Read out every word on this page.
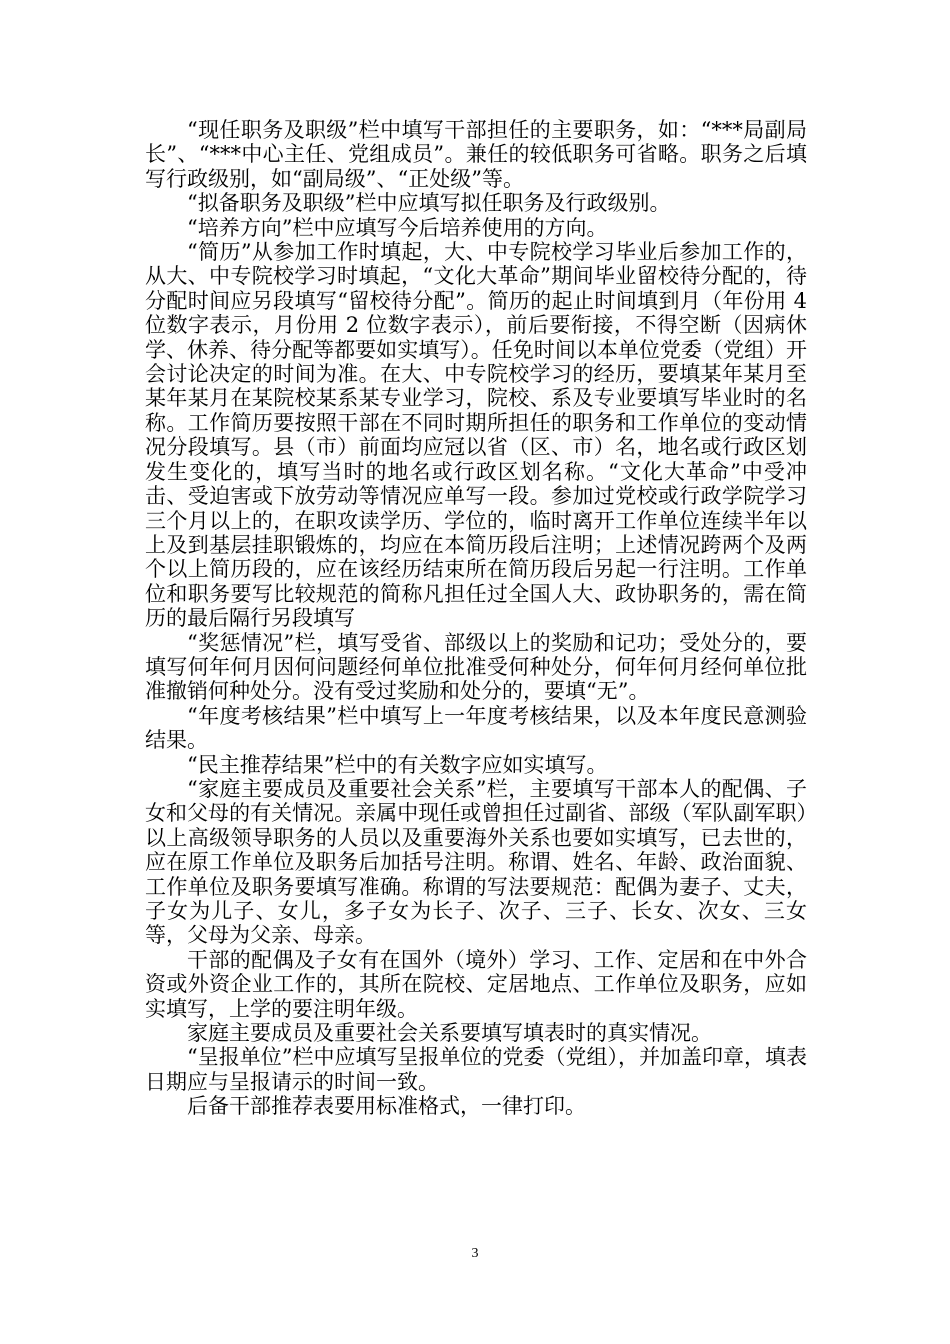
“现任职务及职级”栏中填写干部担任的主要职务，如：“***局副局长”、“***中心主任、党组成员”。兼任的较低职务可省略。职务之后填写行政级别，如“副局级”、“正处级”等。

“拟备职务及职级”栏中应填写拟任职务及行政级别。

“培养方向”栏中应填写今后培养使用的方向。

“简历”从参加工作时填起，大、中专院校学习毕业后参加工作的，从大、中专院校学习时填起，“文化大革命”期间毕业留校待分配的，待分配时间应另段填写“留校待分配”。简历的起止时间填到月（年份用 4 位数字表示，月份用 2 位数字表示），前后要衔接，不得空断（因病休学、休养、待分配等都要如实填写）。任免时间以本单位党委（党组）开会讨论决定的时间为准。在大、中专院校学习的经历，要填某年某月至某年某月在某院校某系某专业学习，院校、系及专业要填写毕业时的名称。工作简历要按照干部在不同时期所担任的职务和工作单位的变动情况分段填写。县（市）前面均应冠以省（区、市）名，地名或行政区划发生变化的，填写当时的地名或行政区划名称。“文化大革命”中受冲击、受迫害或下放劳动等情况应单写一段。参加过党校或行政学院学习三个月以上的，在职攻读学历、学位的，临时离开工作单位连续半年以上及到基层挂职锻炼的，均应在本简历段后注明；上述情况跨两个及两个以上简历段的，应在该经历结束所在简历段后另起一行注明。工作单位和职务要写比较规范的简称凡担任过全国人大、政协职务的，需在简历的最后隔行另段填写

“奖惩情况”栏，填写受省、部级以上的奖励和记功；受处分的，要填写何年何月因何问题经何单位批准受何种处分，何年何月经何单位批准撤销何种处分。没有受过奖励和处分的，要填“无”。

“年度考核结果”栏中填写上一年度考核结果，以及本年度民意测验结果。

“民主推荐结果”栏中的有关数字应如实填写。

“家庭主要成员及重要社会关系”栏，主要填写干部本人的配偶、子女和父母的有关情况。亲属中现任或曾担任过副省、部级（军队副军职）以上高级领导职务的人员以及重要海外关系也要如实填写，已去世的，应在原工作单位及职务后加括号注明。称谓、姓名、年龄、政治面貌、工作单位及职务要填写准确。称谓的写法要规范：配偶为妻子、丈夫，子女为儿子、女儿，多子女为长子、次子、三子、长女、次女、三女等，父母为父亲、母亲。

干部的配偶及子女有在国外（境外）学习、工作、定居和在中外合资或外资企业工作的，其所在院校、定居地点、工作单位及职务，应如实填写，上学的要注明年级。

家庭主要成员及重要社会关系要填写填表时的真实情况。

“呈报单位”栏中应填写呈报单位的党委（党组），并加盖印章，填表日期应与呈报请示的时间一致。

后备干部推荐表要用标准格式，一律打印。

3
